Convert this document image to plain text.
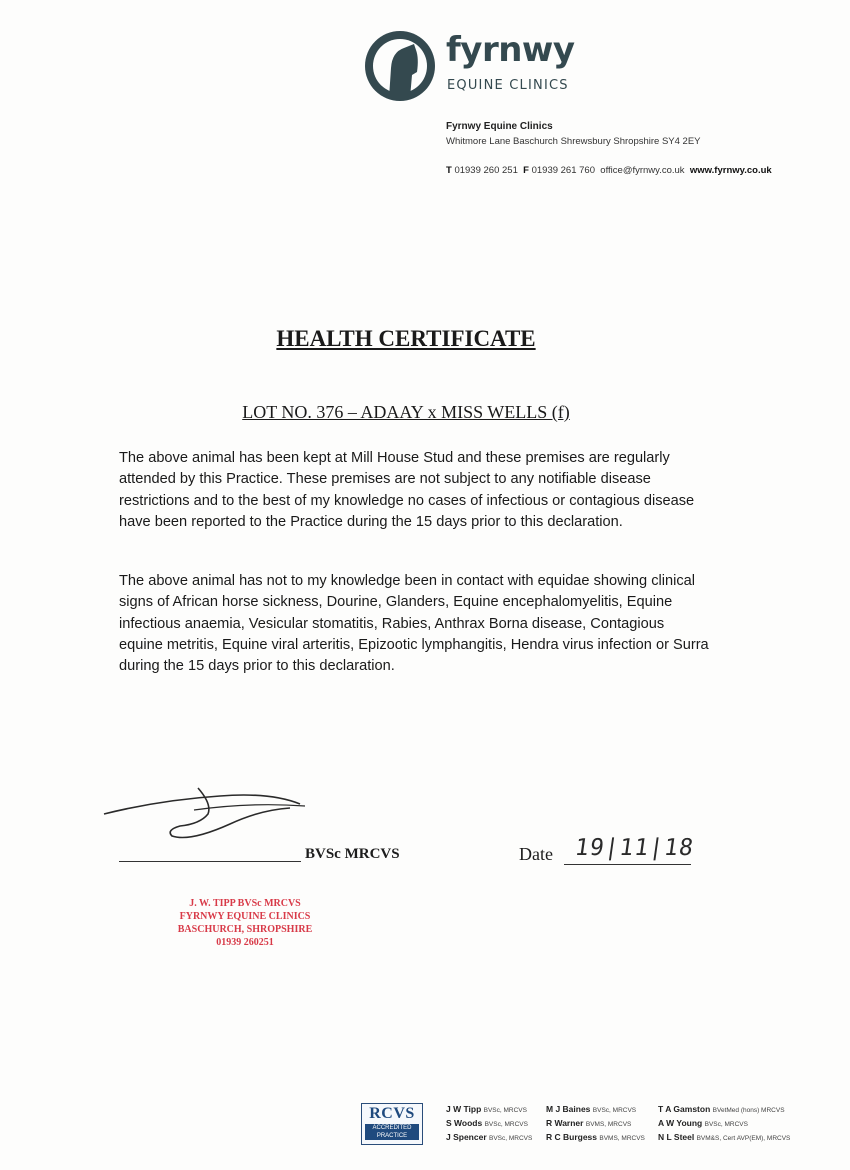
fyrnwy
EQUINE CLINICS
Fyrnwy Equine Clinics
Whitmore Lane Baschurch Shrewsbury Shropshire SY4 2EY
T 01939 260 251 F 01939 261 760 office@fyrnwy.co.uk www.fyrnwy.co.uk
HEALTH CERTIFICATE
LOT NO. 376 – ADAAY x MISS WELLS (f)
The above animal has been kept at Mill House Stud and these premises are regularly attended by this Practice. These premises are not subject to any notifiable disease restrictions and to the best of my knowledge no cases of infectious or contagious disease have been reported to the Practice during the 15 days prior to this declaration.
The above animal has not to my knowledge been in contact with equidae showing clinical signs of African horse sickness, Dourine, Glanders, Equine encephalomyelitis, Equine infectious anaemia, Vesicular stomatitis, Rabies, Anthrax Borna disease, Contagious equine metritis, Equine viral arteritis, Epizootic lymphangitis, Hendra virus infection or Surra during the 15 days prior to this declaration.
BVSc MRCVS	Date 19|11|18
J. W. TIPP BVSc MRCVS
FYRNWY EQUINE CLINICS
BASCHURCH, SHROPSHIRE
01939 260251
RCVS
ACCREDITED PRACTICE
J W Tipp BVSc, MRCVS
S Woods BVSc, MRCVS
J Spencer BVSc, MRCVS
M J Baines BVSc, MRCVS
R Warner BVMS, MRCVS
R C Burgess BVMS, MRCVS
T A Gamston BVetMed (hons) MRCVS
A W Young BVSc, MRCVS
N L Steel BVM&S, Cert AVP(EM), MRCVS
